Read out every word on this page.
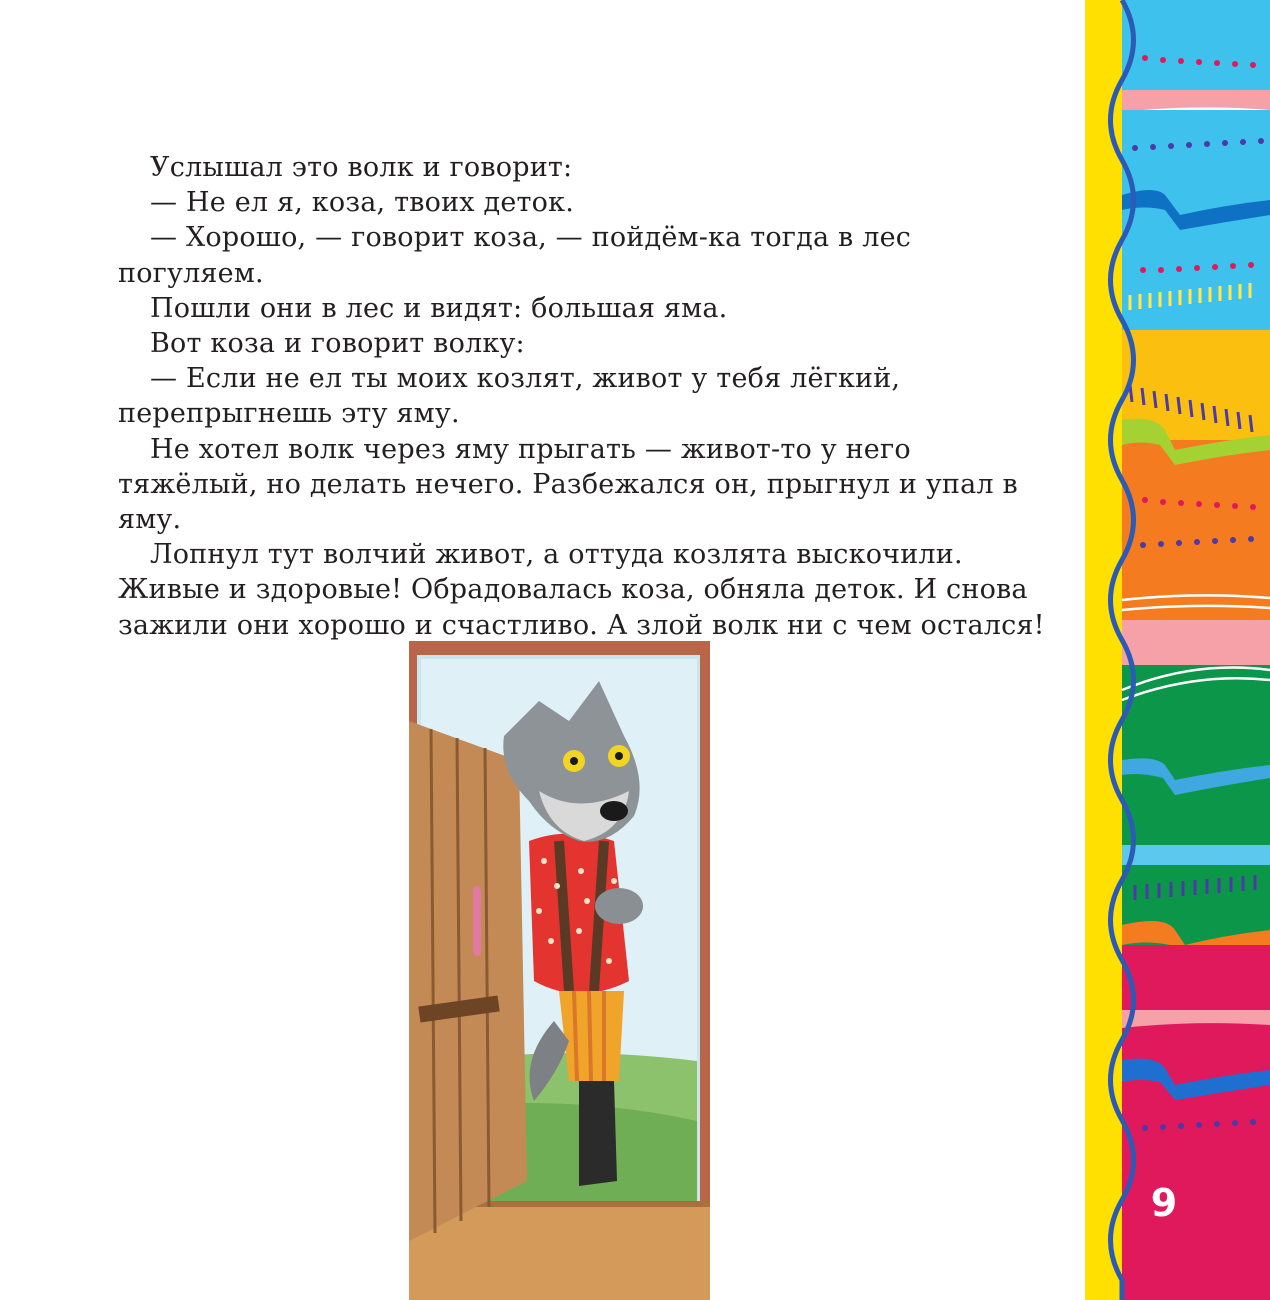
Услышал это волк и говорит:

— Не ел я, коза, твоих деток.

— Хорошо, — говорит коза, — пойдём-ка тогда в лес погуляем.

Пошли они в лес и видят: большая яма.

Вот коза и говорит волку:

— Если не ел ты моих козлят, живот у тебя лёгкий, перепрыгнешь эту яму.

Не хотел волк через яму прыгать — живот-то у него тяжёлый, но делать нечего. Разбежался он, прыгнул и упал в яму.

Лопнул тут волчий живот, а оттуда козлята выскочили. Живые и здоровые! Обрадовалась коза, обняла деток. И снова зажили они хорошо и счастливо. А злой волк ни с чем остался!

9
